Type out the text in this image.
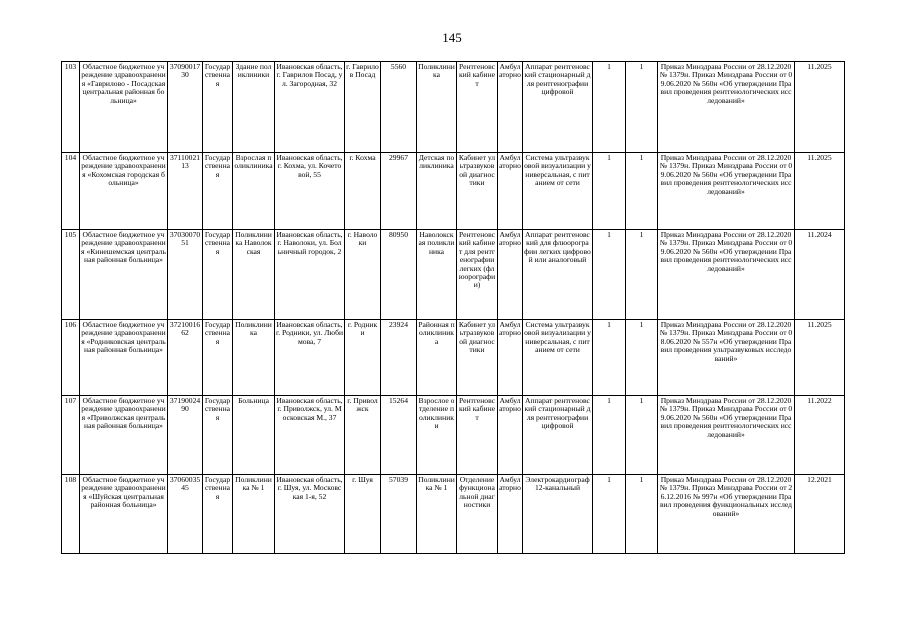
145
103	Областное бюджетное учреждение здравоохранения «Гаврилово - Посадская центральная районная больница»	3709001730	Государственная	Здание поликлиники	Ивановская область, г. Гаврилов Посад, ул. Загородная, 32	г. Гаврилов Посад	5560	Поликлиника	Рентгеновский кабинет	Амбулаторно	Аппарат рентгеновский стационарный для рентгенографии цифровой	1	1	Приказ Минздрава России от 28.12.2020 № 1379н. Приказ Минздрава России от 09.06.2020 № 560н «Об утверждении Правил проведения рентгенологических исследований»	11.2025
104	Областное бюджетное учреждение здравоохранения «Кохомская городская больница»	3711002113	Государственная	Взрослая поликлиника	Ивановская область, г. Кохма, ул. Кочетовой, 55	г. Кохма	29967	Детская поликлиника	Кабинет ультразвуковой диагностики	Амбулаторно	Система ультразвуковой визуализации универсальная, с питанием от сети	1	1	Приказ Минздрава России от 28.12.2020 № 1379н. Приказ Минздрава России от 09.06.2020 № 560н «Об утверждении Правил проведения рентгенологических исследований»	11.2025
105	Областное бюджетное учреждение здравоохранения «Кинешемская центральная районная больница»	3703007051	Государственная	Поликлиника Наволокская	Ивановская область, г. Наволоки, ул. Больничный городок, 2	г. Наволоки	80950	Наволокская поликлиника	Рентгеновский кабинет для рентгенографии легких (флюорографии)	Амбулаторно	Аппарат рентгеновский для флюорографии легких цифровой или аналоговый	1	1	Приказ Минздрава России от 28.12.2020 № 1379н. Приказ Минздрава России от 09.06.2020 № 560н «Об утверждении Правил проведения рентгенологических исследований»	11.2024
106	Областное бюджетное учреждение здравоохранения «Родниковская центральная районная больница»	3721001662	Государственная	Поликлиника	Ивановская область, г. Родники, ул. Любимова, 7	г. Родники	23924	Районная поликлиника	Кабинет ультразвуковой диагностики	Амбулаторно	Система ультразвуковой визуализации универсальная, с питанием от сети	1	1	Приказ Минздрава России от 28.12.2020 № 1379н. Приказ Минздрава России от 08.06.2020 № 557н «Об утверждении Правил проведения ультразвуковых исследований»	11.2025
107	Областное бюджетное учреждение здравоохранения «Приволжская центральная районная больница»	3719002490	Государственная	Больница	Ивановская область, г. Приволжск, ул. Московская М., 37	г. Приволжск	15264	Взрослое отделение поликлиники	Рентгеновский кабинет	Амбулаторно	Аппарат рентгеновский стационарный для рентгенографии цифровой	1	1	Приказ Минздрава России от 28.12.2020 № 1379н. Приказ Минздрава России от 09.06.2020 № 560н «Об утверждении Правил проведения рентгенологических исследований»	11.2022
108	Областное бюджетное учреждение здравоохранения «Шуйская центральная районная больница»	3706003545	Государственная	Поликлиника № 1	Ивановская область, г. Шуя, ул. Московская 1-я, 52	г. Шуя	57039	Поликлиника № 1	Отделение функциональной диагностики	Амбулаторно	Электрокардиограф 12-канальный	1	1	Приказ Минздрава России от 28.12.2020 № 1379н. Приказ Минздрава России от 26.12.2016 № 997н «Об утверждении Правил проведения функциональных исследований»	12.2021
